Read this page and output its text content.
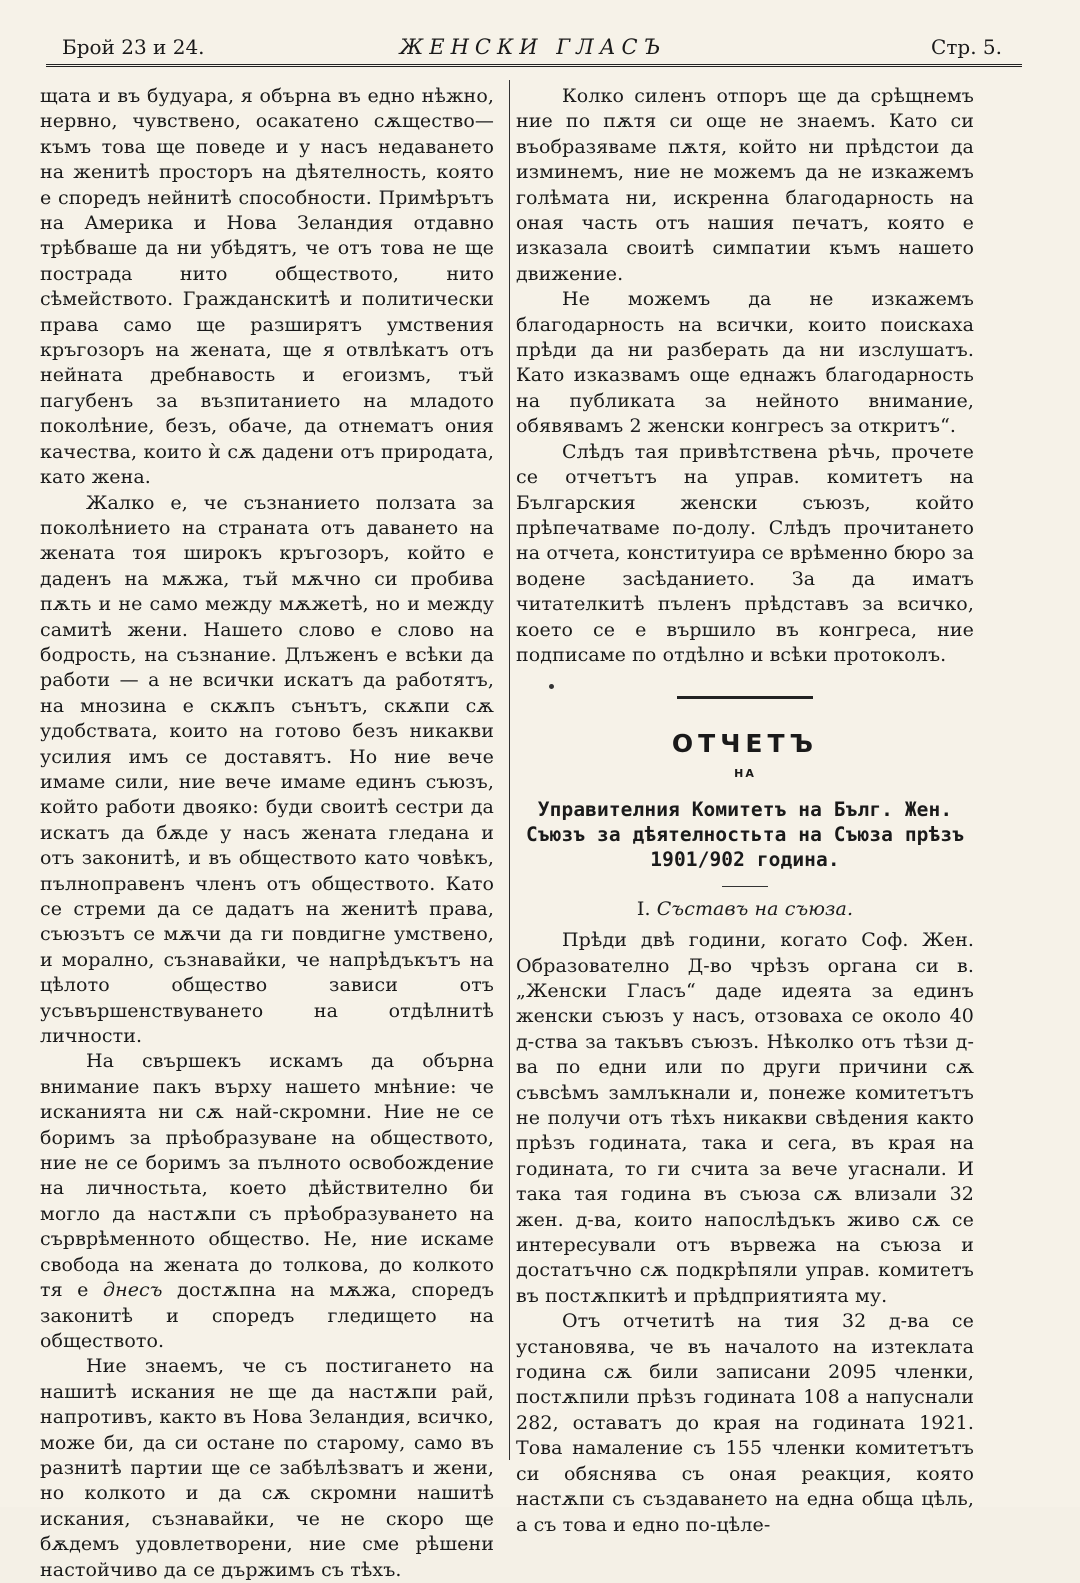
Брой 23 и 24.	ЖЕНСКИ ГЛАСЪ	Стр. 5.

щата и въ будуара, я обърна въ едно нѣжно, нервно, чувствено, осакатено сѫщество—къмъ това ще поведе и у насъ недаването на женитѣ просторъ на дѣятелность, която е споредъ нейнитѣ способности. Примѣрътъ на Америка и Нова Зеландия отдавно трѣбваше да ни убѣдятъ, че отъ това не ще пострада нито обществото, нито сѣмейството. Гражданскитѣ и политически права само ще разширятъ умствения кръгозоръ на жената, ще я отвлѣкатъ отъ нейната дребнавость и егоизмъ, тъй пагубенъ за възпитанието на младото поколѣние, безъ, обаче, да отнематъ ония качества, които ѝ сѫ дадени отъ природата, като жена.

Жалко е, че съзнанието ползата за поколѣнието на страната отъ даването на жената тоя широкъ кръгозоръ, който е даденъ на мѫжа, тъй мѫчно си пробива пѫть и не само между мѫжетѣ, но и между самитѣ жени. Нашето слово е слово на бодрость, на съзнание. Длъженъ е всѣки да работи — а не всички искатъ да работятъ, на мнозина е скѫпъ сънътъ, скѫпи сѫ удобствата, които на готово безъ никакви усилия имъ се доставятъ. Но ние вече имаме сили, ние вече имаме единъ съюзъ, който работи двояко: буди своитѣ сестри да искатъ да бѫде у насъ жената гледана и отъ законитѣ, и въ обществото като човѣкъ, пълноправенъ членъ отъ обществото. Като се стреми да се дадатъ на женитѣ права, съюзътъ се мѫчи да ги повдигне умствено, и морално, съзнавайки, че напрѣдъкътъ на цѣлото общество зависи отъ усъвършенствуването на отдѣлнитѣ личности.

На свършекъ искамъ да обърна внимание пакъ върху нашето мнѣние: че исканията ни сѫ най-скромни. Ние не се боримъ за прѣобразуване на обществото, ние не се боримъ за пълното освобождение на личностьта, което дѣйствително би могло да настѫпи съ прѣобразуването на сърврѣменното общество. Не, ние искаме свобода на жената до толкова, до колкото тя е днесъ достѫпна на мѫжа, споредъ законитѣ и споредъ гледището на обществото.

Ние знаемъ, че съ постигането на нашитѣ искания не ще да настѫпи рай, напротивъ, както въ Нова Зеландия, всичко, може би, да си остане по старому, само въ разнитѣ партии ще се забѣлѣзватъ и жени, но колкото и да сѫ скромни нашитѣ искания, съзнавайки, че не скоро ще бѫдемъ удовлетворени, ние сме рѣшени настойчиво да се държимъ съ тѣхъ.

Колко силенъ отпоръ ще да срѣщнемъ ние по пѫтя си още не знаемъ. Като си въобразяваме пѫтя, който ни прѣдстои да изминемъ, ние не можемъ да не изкажемъ голѣмата ни, искренна благодарность на оная часть отъ нашия печатъ, която е изказала своитѣ симпатии къмъ нашето движение.

Не можемъ да не изкажемъ благодарность на всички, които поискаха прѣди да ни разберать да ни изслушатъ. Като изказвамъ още еднажъ благодарность на публиката за нейното внимание, обявявамъ 2 женски конгресъ за откритъ“.

Слѣдъ тая привѣтствена рѣчь, прочете се отчетътъ на управ. комитетъ на Българския женски съюзъ, който прѣпечатваме по-долу. Слѣдъ прочитането на отчета, конституира се врѣменно бюро за водене засѣданието. За да иматъ читателкитѣ пъленъ прѣдставъ за всичко, което се е вършило въ конгреса, ние подписаме по отдѣлно и всѣки протоколъ.

ОТЧЕТЪ
НА
Управителния Комитетъ на Бълг. Жен. Съюзъ за дѣятелностьта на Съюза прѣзъ 1901/902 година.
I. Съставъ на съюза.

Прѣди двѣ години, когато Соф. Жен. Образователно Д-во чрѣзъ органа си в. „Женски Гласъ“ даде идеята за единъ женски съюзъ у насъ, отзоваха се около 40 д-ства за такъвъ съюзъ. Нѣколко отъ тѣзи д-ва по едни или по други причини сѫ съвсѣмъ замлъкнали и, понеже комитетътъ не получи отъ тѣхъ никакви свѣдения както прѣзъ годината, така и сега, въ края на годината, то ги счита за вече угаснали. И така тая година въ съюза сѫ влизали 32 жен. д-ва, които напослѣдъкъ живо сѫ се интересували отъ вървежа на съюза и достатъчно сѫ подкрѣпяли управ. комитетъ въ постѫпкитѣ и прѣдприятията му.

Отъ отчетитѣ на тия 32 д-ва се установява, че въ началото на изтеклата година сѫ били записани 2095 членки, постѫпили прѣзъ годината 108 а напуснали 282, оставатъ до края на годината 1921. Това намаление съ 155 членки комитетътъ си обяснява съ оная реакция, която настѫпи съ създаването на една обща цѣль, а съ това и едно по-цѣле-
